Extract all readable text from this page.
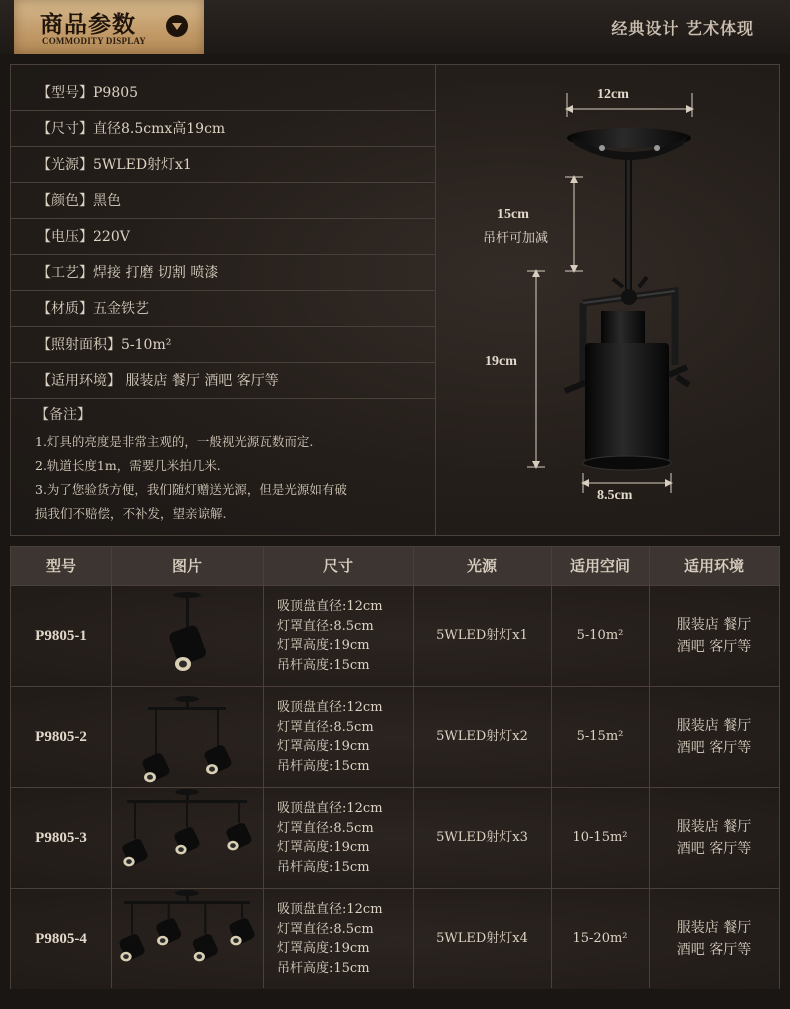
商品参数
COMMODITY DISPLAY
经典设计 艺术体现
【型号】P9805
【尺寸】直径8.5cmx高19cm
【光源】5WLED射灯x1
【颜色】黑色
【电压】220V
【工艺】焊接 打磨 切割 喷漆
【材质】五金铁艺
【照射面积】5-10m²
【适用环境】 服装店 餐厅 酒吧 客厅等
【备注】
1.灯具的亮度是非常主观的，一般视光源瓦数而定.
2.轨道长度1m，需要几米拍几米.
3.为了您验货方便，我们随灯赠送光源，但是光源如有破
损我们不赔偿，不补发，望亲谅解.
12cm
15cm
吊杆可加减
19cm
8.5cm
型号	图片	尺寸	光源	适用空间	适用环境
P9805-1
吸顶盘直径:12cm
灯罩直径:8.5cm
灯罩高度:19cm
吊杆高度:15cm
5WLED射灯x1	5-10m²
服装店 餐厅
酒吧 客厅等
P9805-2
吸顶盘直径:12cm
灯罩直径:8.5cm
灯罩高度:19cm
吊杆高度:15cm
5WLED射灯x2	5-15m²
服装店 餐厅
酒吧 客厅等
P9805-3
吸顶盘直径:12cm
灯罩直径:8.5cm
灯罩高度:19cm
吊杆高度:15cm
5WLED射灯x3	10-15m²
服装店 餐厅
酒吧 客厅等
P9805-4
吸顶盘直径:12cm
灯罩直径:8.5cm
灯罩高度:19cm
吊杆高度:15cm
5WLED射灯x4	15-20m²
服装店 餐厅
酒吧 客厅等
